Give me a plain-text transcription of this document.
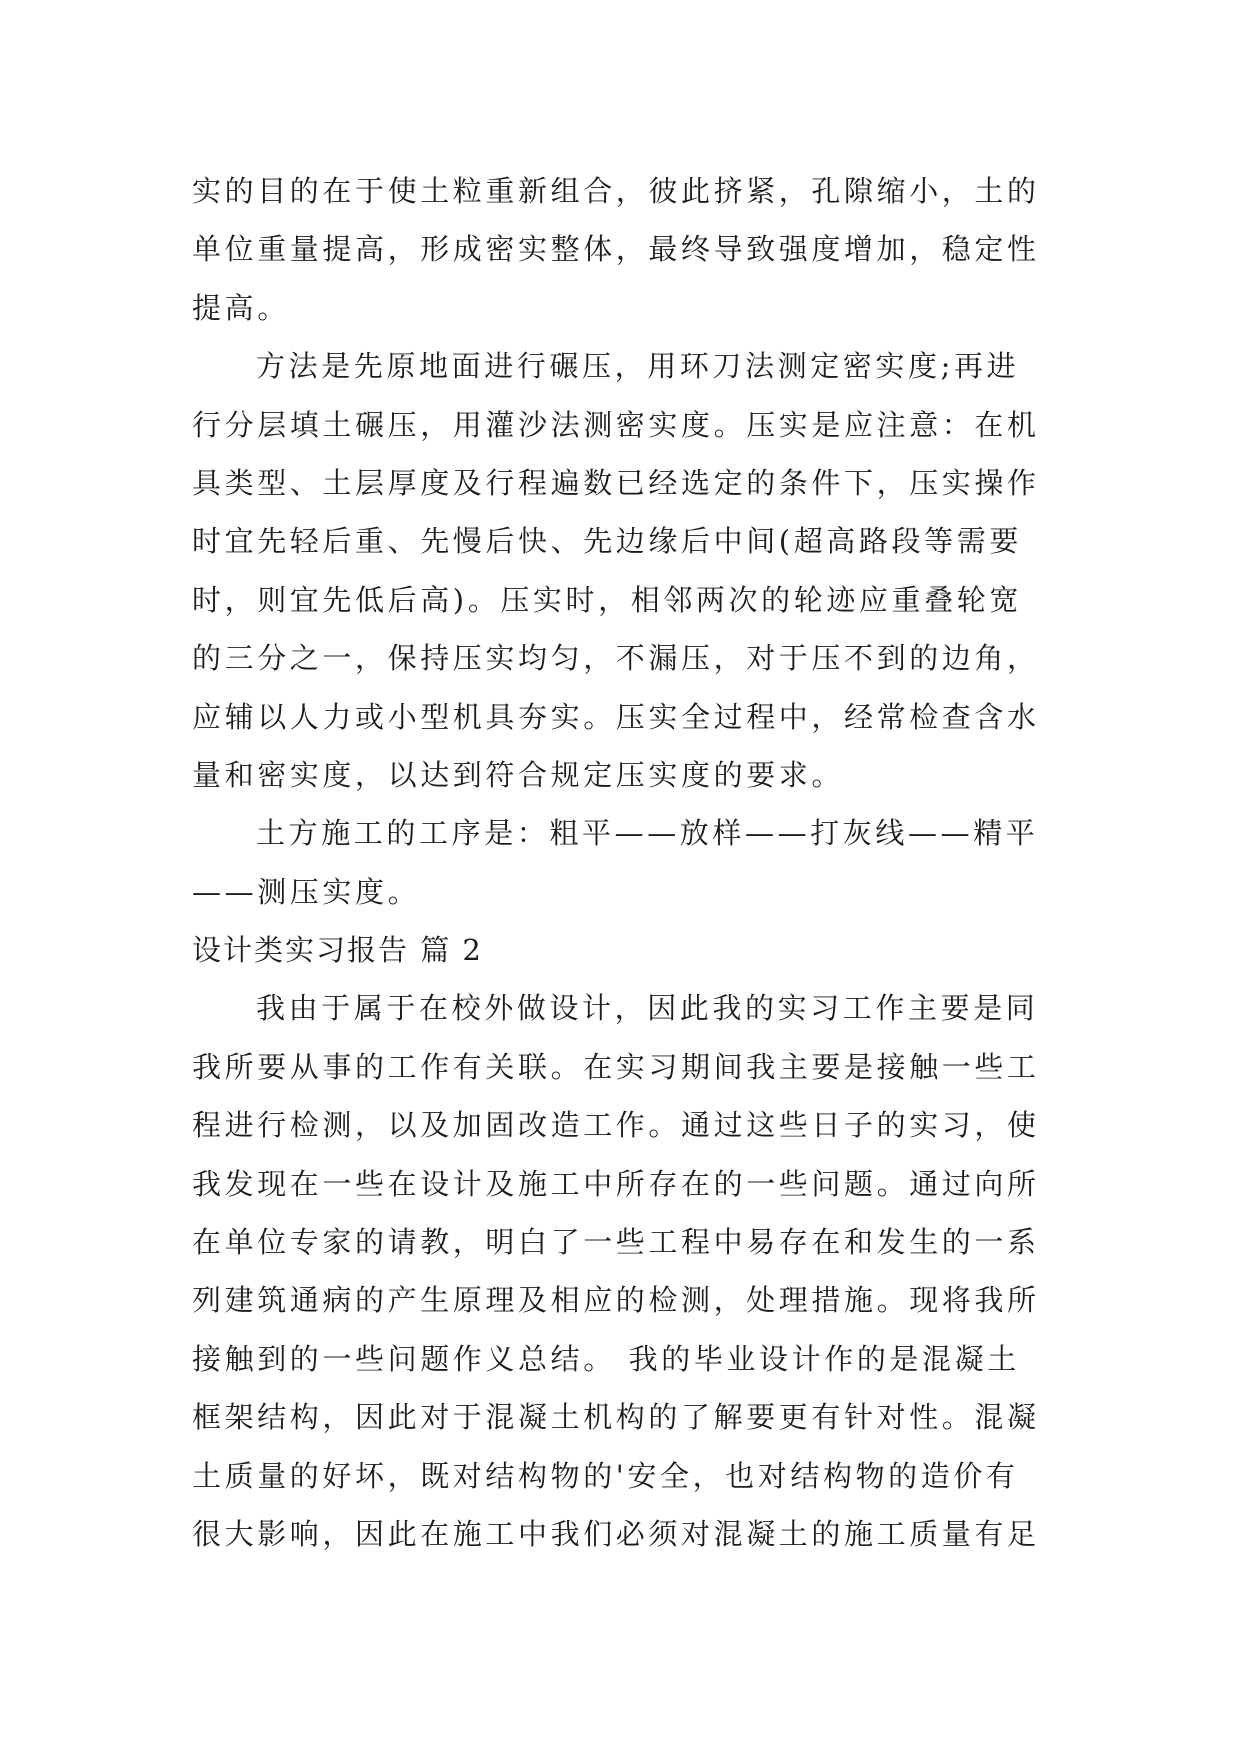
实的目的在于使土粒重新组合，彼此挤紧，孔隙缩小，土的
单位重量提高，形成密实整体，最终导致强度增加，稳定性
提高。
方法是先原地面进行碾压，用环刀法测定密实度;再进
行分层填土碾压，用灌沙法测密实度。压实是应注意：在机
具类型、土层厚度及行程遍数已经选定的条件下，压实操作
时宜先轻后重、先慢后快、先边缘后中间(超高路段等需要
时，则宜先低后高)。压实时，相邻两次的轮迹应重叠轮宽
的三分之一，保持压实均匀，不漏压，对于压不到的边角，
应辅以人力或小型机具夯实。压实全过程中，经常检查含水
量和密实度，以达到符合规定压实度的要求。
土方施工的工序是：粗平——放样——打灰线——精平
——测压实度。
设计类实习报告 篇 2
我由于属于在校外做设计，因此我的实习工作主要是同
我所要从事的工作有关联。在实习期间我主要是接触一些工
程进行检测，以及加固改造工作。通过这些日子的实习，使
我发现在一些在设计及施工中所存在的一些问题。通过向所
在单位专家的请教，明白了一些工程中易存在和发生的一系
列建筑通病的产生原理及相应的检测，处理措施。现将我所
接触到的一些问题作义总结。 我的毕业设计作的是混凝土
框架结构，因此对于混凝土机构的了解要更有针对性。混凝
土质量的好坏，既对结构物的'安全，也对结构物的造价有
很大影响，因此在施工中我们必须对混凝土的施工质量有足
